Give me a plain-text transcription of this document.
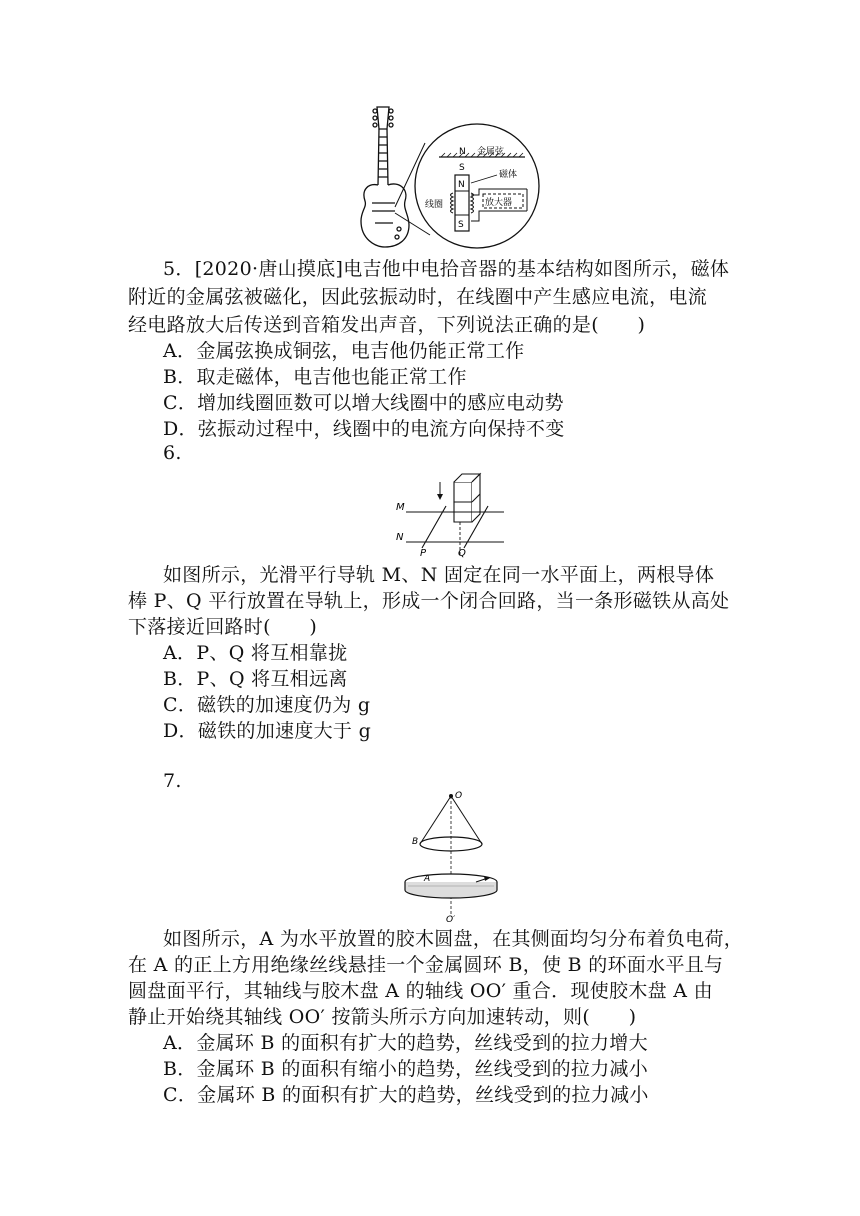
N 金属弦
S
N
S
磁体
线圈	放大器
5．[2020·唐山摸底]电吉他中电拾音器的基本结构如图所示，磁体
附近的金属弦被磁化，因此弦振动时，在线圈中产生感应电流，电流
经电路放大后传送到音箱发出声音，下列说法正确的是(　　)
A．金属弦换成铜弦，电吉他仍能正常工作
B．取走磁体，电吉他也能正常工作
C．增加线圈匝数可以增大线圈中的感应电动势
D．弦振动过程中，线圈中的电流方向保持不变
6.
M
N
P	Q
如图所示，光滑平行导轨 M、N 固定在同一水平面上，两根导体
棒 P、Q 平行放置在导轨上，形成一个闭合回路，当一条形磁铁从高处
下落接近回路时(　　)
A．P、Q 将互相靠拢
B．P、Q 将互相远离
C．磁铁的加速度仍为 g
D．磁铁的加速度大于 g
7.
O
B
A
O′
如图所示，A 为水平放置的胶木圆盘，在其侧面均匀分布着负电荷，
在 A 的正上方用绝缘丝线悬挂一个金属圆环 B，使 B 的环面水平且与
圆盘面平行，其轴线与胶木盘 A 的轴线 OO′ 重合．现使胶木盘 A 由
静止开始绕其轴线 OO′ 按箭头所示方向加速转动，则(　　)
A．金属环 B 的面积有扩大的趋势，丝线受到的拉力增大
B．金属环 B 的面积有缩小的趋势，丝线受到的拉力减小
C．金属环 B 的面积有扩大的趋势，丝线受到的拉力减小
